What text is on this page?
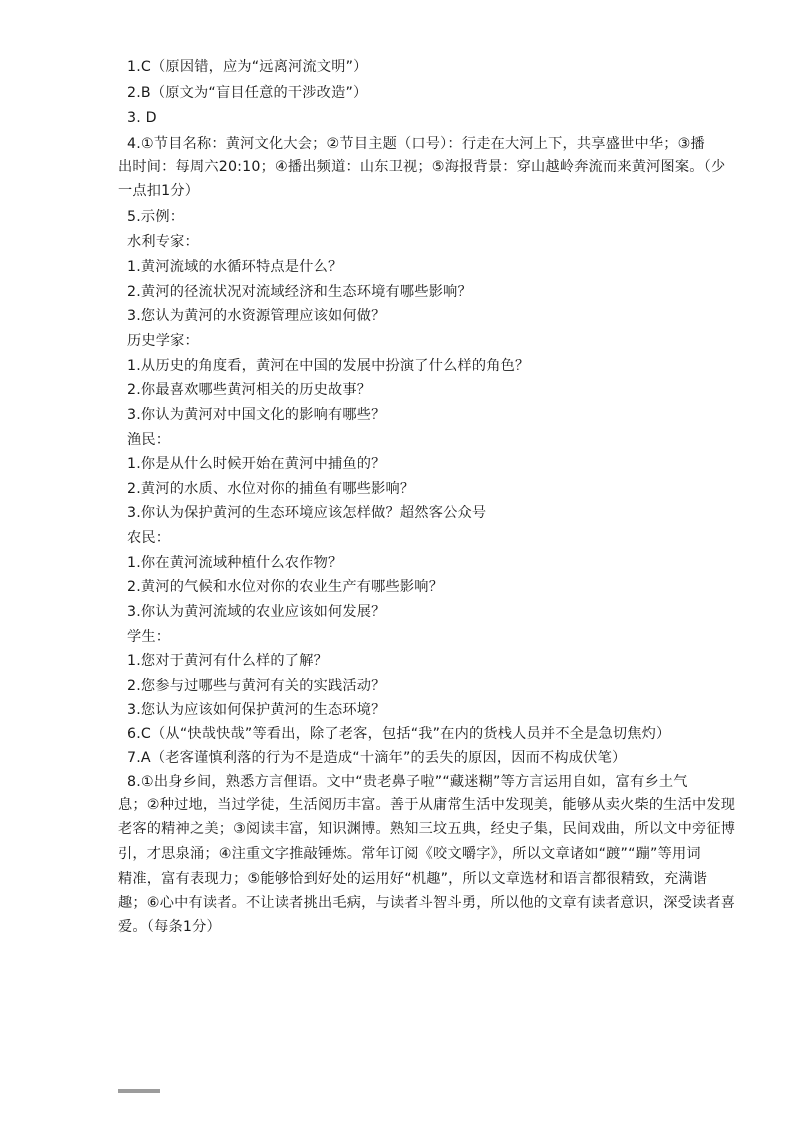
1.C（原因错，应为“远离河流文明”）
2.B（原文为“盲目任意的干涉改造”）
3. D
4.①节目名称：黄河文化大会；②节目主题（口号）：行走在大河上下，共享盛世中华；③播
出时间：每周六20:10；④播出频道：山东卫视；⑤海报背景：穿山越岭奔流而来黄河图案。（少
一点扣1分）
5.示例：
水利专家：
1.黄河流域的水循环特点是什么？
2.黄河的径流状况对流域经济和生态环境有哪些影响？
3.您认为黄河的水资源管理应该如何做？
历史学家：
1.从历史的角度看，黄河在中国的发展中扮演了什么样的角色？
2.你最喜欢哪些黄河相关的历史故事？
3.你认为黄河对中国文化的影响有哪些？
渔民：
1.你是从什么时候开始在黄河中捕鱼的？
2.黄河的水质、水位对你的捕鱼有哪些影响？
3.你认为保护黄河的生态环境应该怎样做？超然客公众号
农民：
1.你在黄河流域种植什么农作物？
2.黄河的气候和水位对你的农业生产有哪些影响？
3.你认为黄河流域的农业应该如何发展？
学生：
1.您对于黄河有什么样的了解？
2.您参与过哪些与黄河有关的实践活动？
3.您认为应该如何保护黄河的生态环境？
6.C（从“快哉快哉”等看出，除了老客，包括“我”在内的货栈人员并不全是急切焦灼）
7.A（老客谨慎利落的行为不是造成“十滴年”的丢失的原因，因而不构成伏笔）
8.①出身乡间，熟悉方言俚语。文中“贵老鼻子啦”“藏迷糊”等方言运用自如，富有乡土气
息；②种过地，当过学徒，生活阅历丰富。善于从庸常生活中发现美，能够从卖火柴的生活中发现
老客的精神之美；③阅读丰富，知识渊博。熟知三坟五典，经史子集，民间戏曲，所以文中旁征博
引，才思泉涌；④注重文字推敲锤炼。常年订阅《咬文嚼字》，所以文章诸如“踱”“蹦”等用词
精准，富有表现力；⑤能够恰到好处的运用好“机趣”，所以文章选材和语言都很精致，充满谐
趣；⑥心中有读者。不让读者挑出毛病，与读者斗智斗勇，所以他的文章有读者意识，深受读者喜
爱。（每条1分）
